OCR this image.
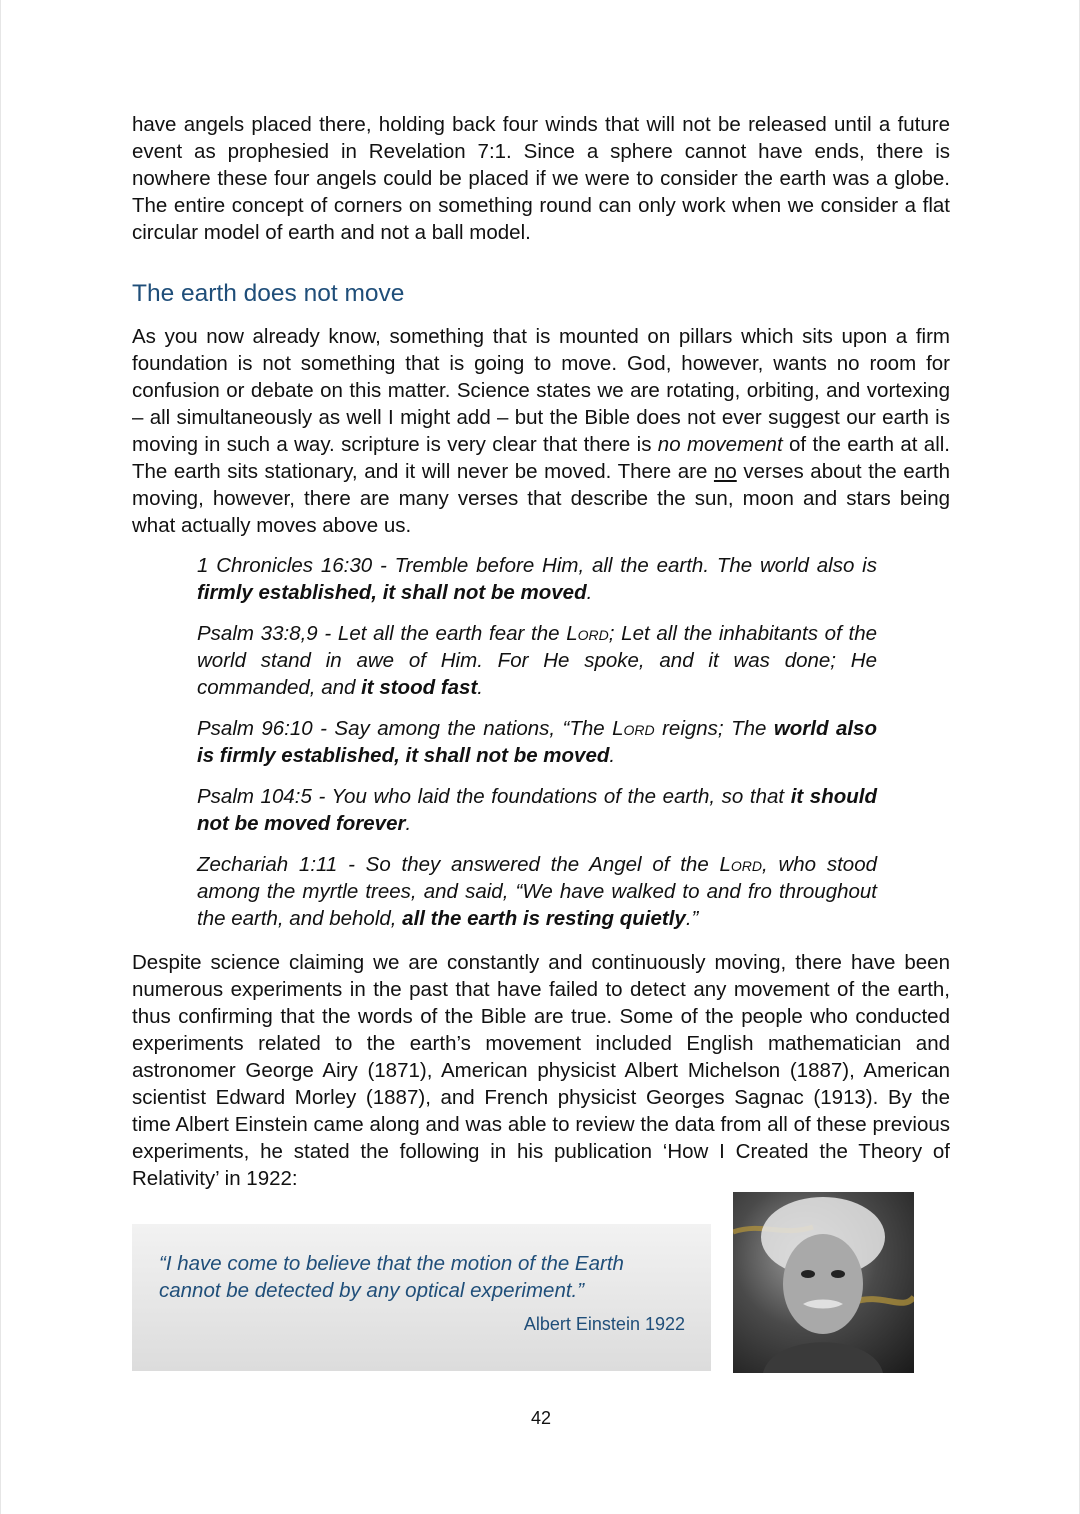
have angels placed there, holding back four winds that will not be released until a future event as prophesied in Revelation 7:1. Since a sphere cannot have ends, there is nowhere these four angels could be placed if we were to consider the earth was a globe. The entire concept of corners on something round can only work when we consider a flat circular model of earth and not a ball model.

The earth does not move

As you now already know, something that is mounted on pillars which sits upon a firm foundation is not something that is going to move. God, however, wants no room for confusion or debate on this matter. Science states we are rotating, orbiting, and vortexing – all simultaneously as well I might add – but the Bible does not ever suggest our earth is moving in such a way. scripture is very clear that there is no movement of the earth at all. The earth sits stationary, and it will never be moved. There are no verses about the earth moving, however, there are many verses that describe the sun, moon and stars being what actually moves above us.

1 Chronicles 16:30 - Tremble before Him, all the earth. The world also is firmly established, it shall not be moved.

Psalm 33:8,9 - Let all the earth fear the Lord; Let all the inhabitants of the world stand in awe of Him. For He spoke, and it was done; He commanded, and it stood fast.

Psalm 96:10 - Say among the nations, “The Lord reigns; The world also is firmly established, it shall not be moved.

Psalm 104:5 - You who laid the foundations of the earth, so that it should not be moved forever.

Zechariah 1:11 - So they answered the Angel of the Lord, who stood among the myrtle trees, and said, “We have walked to and fro throughout the earth, and behold, all the earth is resting quietly.”

Despite science claiming we are constantly and continuously moving, there have been numerous experiments in the past that have failed to detect any movement of the earth, thus confirming that the words of the Bible are true. Some of the people who conducted experiments related to the earth’s movement included English mathematician and astronomer George Airy (1871), American physicist Albert Michelson (1887), American scientist Edward Morley (1887), and French physicist Georges Sagnac (1913). By the time Albert Einstein came along and was able to review the data from all of these previous experiments, he stated the following in his publication ‘How I Created the Theory of Relativity’ in 1922:

“I have come to believe that the motion of the Earth cannot be detected by any optical experiment.”

Albert Einstein 1922
42
